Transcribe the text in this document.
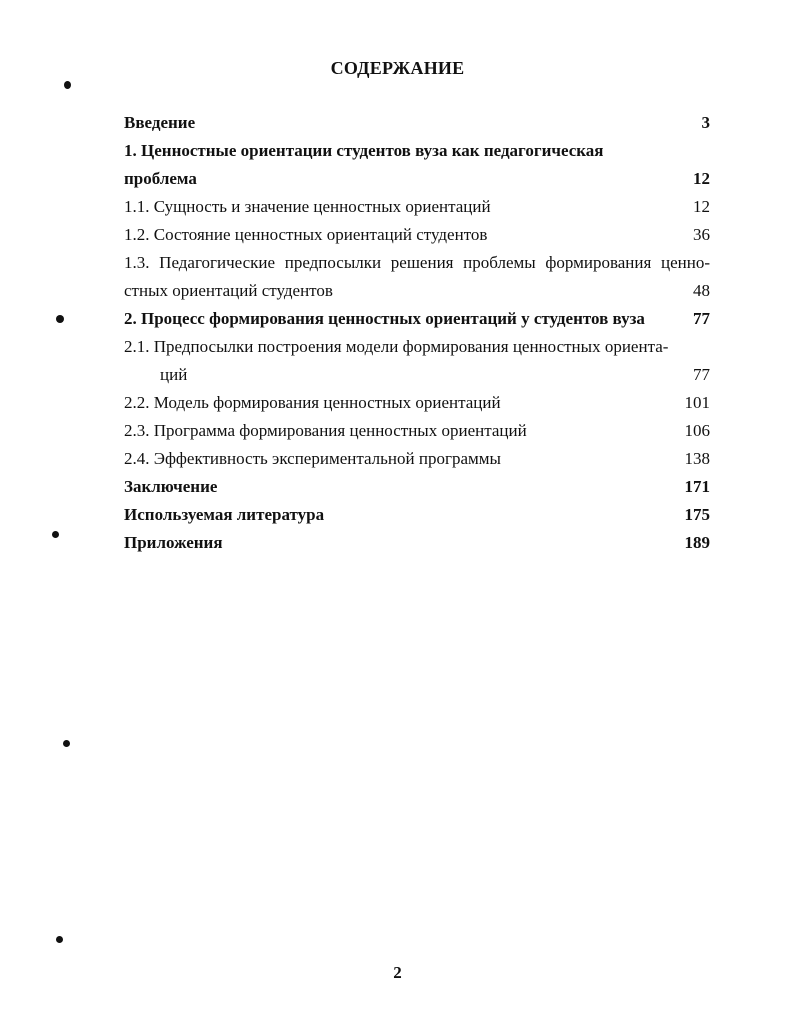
СОДЕРЖАНИЕ
Введение	3
1. Ценностные ориентации студентов вуза как педагогическая
проблема	12
1.1. Сущность и значение ценностных ориентаций	12
1.2. Состояние ценностных ориентаций студентов	36
1.3. Педагогические предпосылки решения проблемы формирования ценно-
стных ориентаций студентов	48
2. Процесс формирования ценностных ориентаций у студентов вуза	77
2.1. Предпосылки построения модели формирования ценностных ориента-
ций	77
2.2. Модель формирования ценностных ориентаций	101
2.3. Программа формирования ценностных ориентаций	106
2.4. Эффективность экспериментальной программы	138
Заключение	171
Используемая литература	175
Приложения	189
2
